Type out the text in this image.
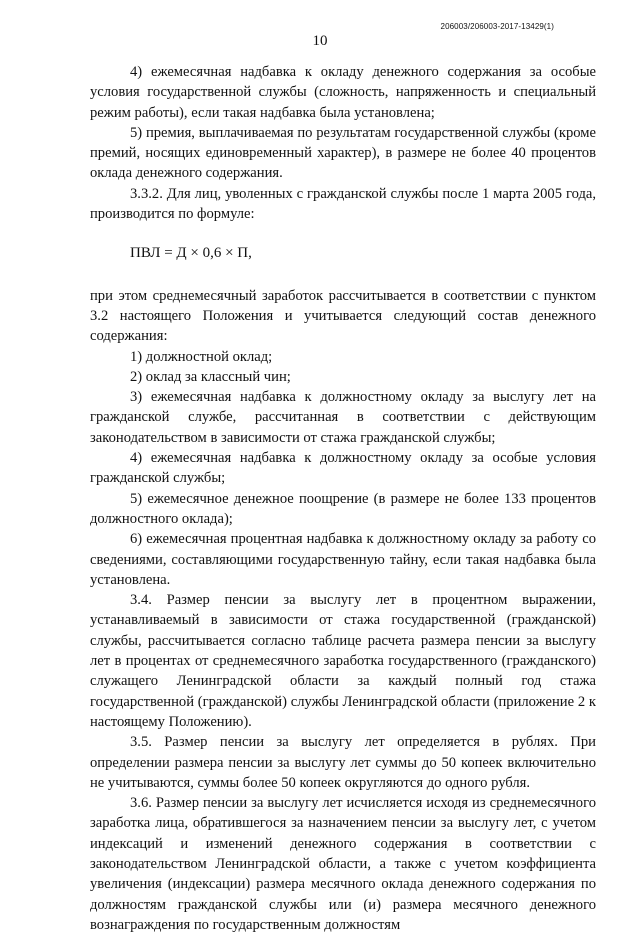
206003/206003-2017-13429(1)
10

4) ежемесячная надбавка к окладу денежного содержания за особые условия государственной службы (сложность, напряженность и специальный режим работы), если такая надбавка была установлена;

5) премия, выплачиваемая по результатам государственной службы (кроме премий, носящих единовременный характер), в размере не более 40 процентов оклада денежного содержания.

3.3.2. Для лиц, уволенных с гражданской службы после 1 марта 2005 года, производится по формуле:

ПВЛ = Д × 0,6 × П,

при этом среднемесячный заработок рассчитывается в соответствии с пунктом 3.2 настоящего Положения и учитывается следующий состав денежного содержания:

1) должностной оклад;

2) оклад за классный чин;

3) ежемесячная надбавка к должностному окладу за выслугу лет на гражданской службе, рассчитанная в соответствии с действующим законодательством в зависимости от стажа гражданской службы;

4) ежемесячная надбавка к должностному окладу за особые условия гражданской службы;

5) ежемесячное денежное поощрение (в размере не более 133 процентов должностного оклада);

6) ежемесячная процентная надбавка к должностному окладу за работу со сведениями, составляющими государственную тайну, если такая надбавка была установлена.

3.4. Размер пенсии за выслугу лет в процентном выражении, устанавливаемый в зависимости от стажа государственной (гражданской) службы, рассчитывается согласно таблице расчета размера пенсии за выслугу лет в процентах от среднемесячного заработка государственного (гражданского) служащего Ленинградской области за каждый полный год стажа государственной (гражданской) службы Ленинградской области (приложение 2 к настоящему Положению).

3.5. Размер пенсии за выслугу лет определяется в рублях. При определении размера пенсии за выслугу лет суммы до 50 копеек включительно не учитываются, суммы более 50 копеек округляются до одного рубля.

3.6. Размер пенсии за выслугу лет исчисляется исходя из среднемесячного заработка лица, обратившегося за назначением пенсии за выслугу лет, с учетом индексаций и изменений денежного содержания в соответствии с законодательством Ленинградской области, а также с учетом коэффициента увеличения (индексации) размера месячного оклада денежного содержания по должностям гражданской службы или (и) размера месячного денежного вознаграждения по государственным должностям
